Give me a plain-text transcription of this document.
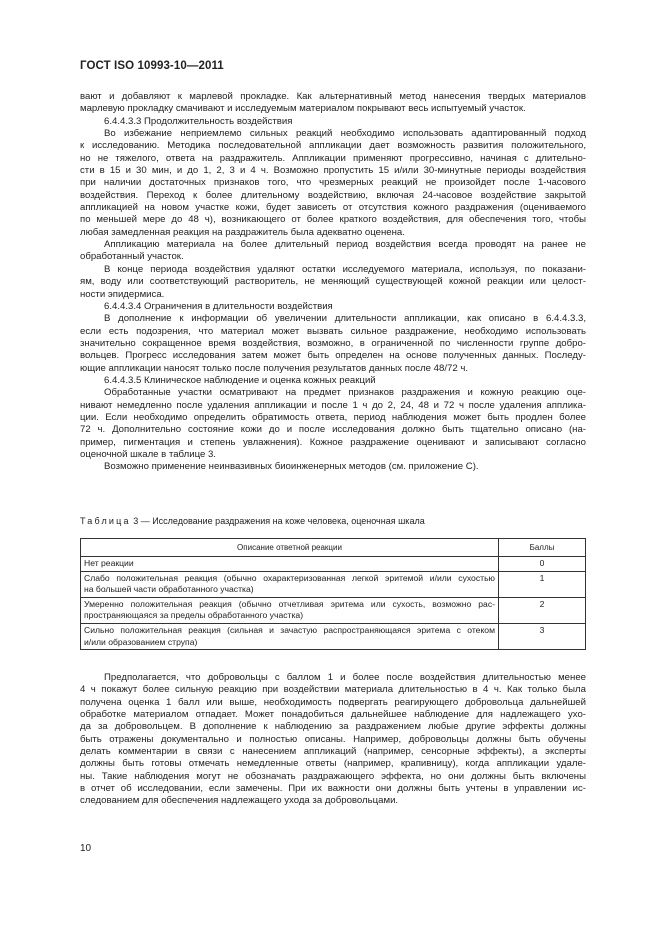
ГОСТ ISO 10993-10—2011
вают и добавляют к марлевой прокладке. Как альтернативный метод нанесения твердых материалов
марлевую прокладку смачивают и исследуемым материалом покрывают весь испытуемый участок.
6.4.4.3.3 Продолжительность воздействия
Во избежание неприемлемо сильных реакций необходимо использовать адаптированный подход
к исследованию. Методика последовательной аппликации дает возможность развития положительного,
но не тяжелого, ответа на раздражитель. Аппликации применяют прогрессивно, начиная с длительно-
сти в 15 и 30 мин, и до 1, 2, 3 и 4 ч. Возможно пропустить 15 и/или 30-минутные периоды воздействия
при наличии достаточных признаков того, что чрезмерных реакций не произойдет после 1-часового
воздействия. Переход к более длительному воздействию, включая 24-часовое воздействие закрытой
аппликацией на новом участке кожи, будет зависеть от отсутствия кожного раздражения (оцениваемого
по меньшей мере до 48 ч), возникающего от более краткого воздействия, для обеспечения того, чтобы
любая замедленная реакция на раздражитель была адекватно оценена.
Аппликацию материала на более длительный период воздействия всегда проводят на ранее не
обработанный участок.
В конце периода воздействия удаляют остатки исследуемого материала, используя, по показани-
ям, воду или соответствующий растворитель, не меняющий существующей кожной реакции или целост-
ности эпидермиса.
6.4.4.3.4 Ограничения в длительности воздействия
В дополнение к информации об увеличении длительности аппликации, как описано в 6.4.4.3.3,
если есть подозрения, что материал может вызвать сильное раздражение, необходимо использовать
значительно сокращенное время воздействия, возможно, в ограниченной по численности группе добро-
вольцев. Прогресс исследования затем может быть определен на основе полученных данных. Последу-
ющие аппликации наносят только после получения результатов данных после 48/72 ч.
6.4.4.3.5 Клиническое наблюдение и оценка кожных реакций
Обработанные участки осматривают на предмет признаков раздражения и кожную реакцию оце-
нивают немедленно после удаления аппликации и после 1 ч до 2, 24, 48 и 72 ч после удаления апплика-
ции. Если необходимо определить обратимость ответа, период наблюдения может быть продлен более
72 ч. Дополнительно состояние кожи до и после исследования должно быть тщательно описано (на-
пример, пигментация и степень увлажнения). Кожное раздражение оценивают и записывают согласно
оценочной шкале в таблице 3.
Возможно применение неинвазивных биоинженерных методов (см. приложение С).
Таблица 3 — Исследование раздражения на коже человека, оценочная шкала
Описание ответной реакции	Баллы

Нет реакции	0

Слабо положительная реакция (обычно охарактеризованная легкой эритемой и/или сухостью
на большей части обработанного участка)	1

Умеренно положительная реакция (обычно отчетливая эритема или сухость, возможно рас-
пространяющаяся за пределы обработанного участка)	2

Сильно положительная реакция (сильная и зачастую распространяющаяся эритема с отеком
и/или образованием струпа)	3
Предполагается, что добровольцы с баллом 1 и более после воздействия длительностью менее
4 ч покажут более сильную реакцию при воздействии материала длительностью в 4 ч. Как только была
получена оценка 1 балл или выше, необходимость подвергать реагирующего добровольца дальнейшей
обработке материалом отпадает. Может понадобиться дальнейшее наблюдение для надлежащего ухо-
да за добровольцем. В дополнение к наблюдению за раздражением любые другие эффекты должны
быть отражены документально и полностью описаны. Например, добровольцы должны быть обучены
делать комментарии в связи с нанесением аппликаций (например, сенсорные эффекты), а эксперты
должны быть готовы отмечать немедленные ответы (например, крапивницу), когда аппликации удале-
ны. Такие наблюдения могут не обозначать раздражающего эффекта, но они должны быть включены
в отчет об исследовании, если замечены. При их важности они должны быть учтены в управлении ис-
следованием для обеспечения надлежащего ухода за добровольцами.
10
